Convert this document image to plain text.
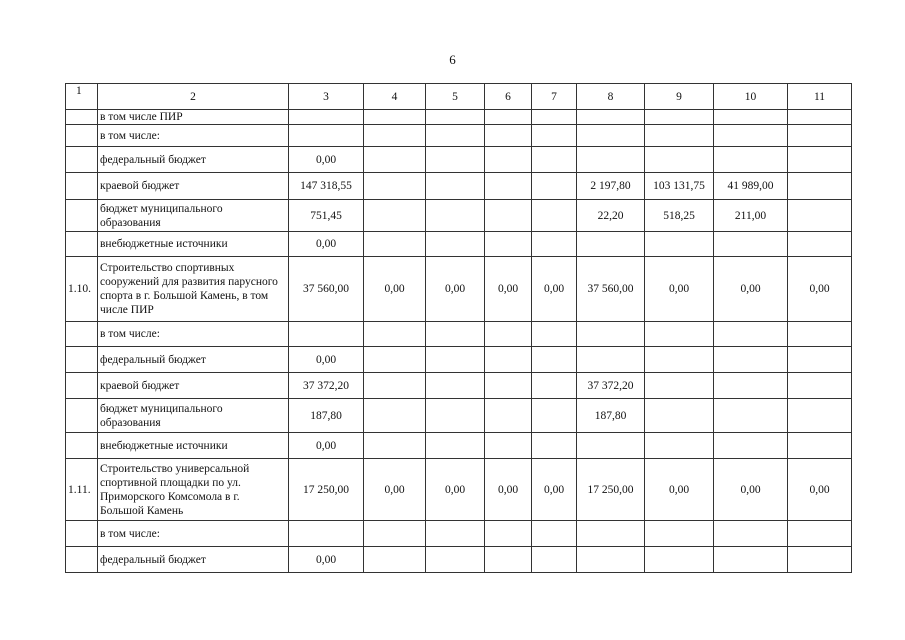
6
1	2	3	4	5	6	7	8	9	10	11
	в том числе ПИР									
	в том числе:									
	федеральный бюджет	0,00								
	краевой бюджет	147 318,55					2 197,80	103 131,75	41 989,00	
	бюджет муниципального образования	751,45					22,20	518,25	211,00	
	внебюджетные источники	0,00								
1.10.	Строительство спортивных сооружений для развития парусного спорта в г. Большой Камень, в том числе ПИР	37 560,00	0,00	0,00	0,00	0,00	37 560,00	0,00	0,00	0,00
	в том числе:									
	федеральный бюджет	0,00								
	краевой бюджет	37 372,20					37 372,20			
	бюджет муниципального образования	187,80					187,80			
	внебюджетные источники	0,00								
1.11.	Строительство универсальной спортивной площадки по ул. Приморского Комсомола в г. Большой Камень	17 250,00	0,00	0,00	0,00	0,00	17 250,00	0,00	0,00	0,00
	в том числе:									
	федеральный бюджет	0,00								
